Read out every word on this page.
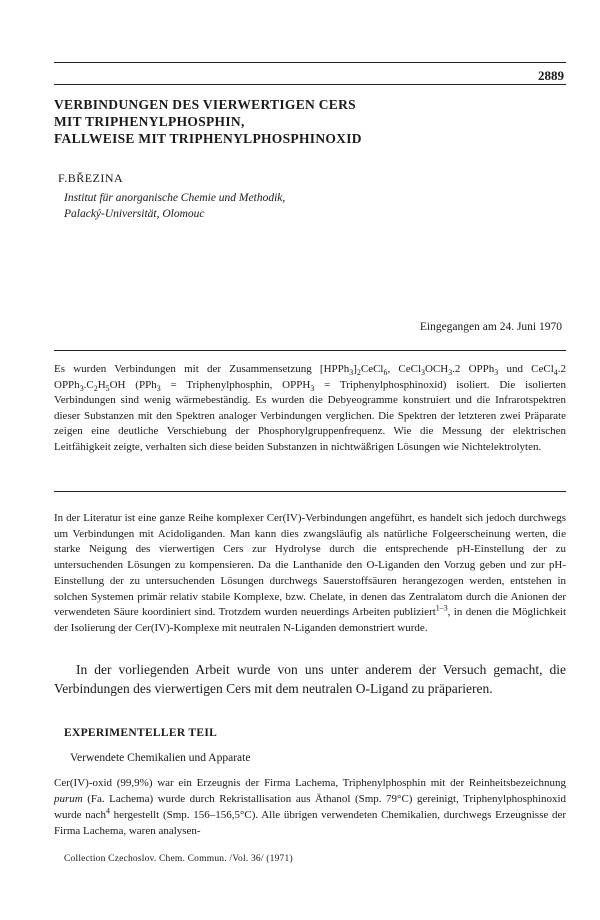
2889
VERBINDUNGEN DES VIERWERTIGEN CERS
MIT TRIPHENYLPHOSPHIN,
FALLWEISE MIT TRIPHENYLPHOSPHINOXID
F.BŘEZINA
Institut für anorganische Chemie und Methodik,
Palacký-Universität, Olomouc
Eingegangen am 24. Juni 1970

Es wurden Verbindungen mit der Zusammensetzung $[HPPh_3]_2CeCl_6$, $CeCl_3OCH_3.2$ OPPh$_3$ und CeCl$_4$.2 $OPPh_3.C_2H_5OH$ (PPh$_3$ = Triphenylphosphin, $OPPH_3$ = Triphenylphosphinoxid) isoliert. Die isolierten Verbindungen sind wenig wärmebeständig. Es wurden die Debyeogramme konstruiert und die Infrarotspektren dieser Substanzen mit den Spektren analoger Verbindungen verglichen. Die Spektren der letzteren zwei Präparate zeigen eine deutliche Verschiebung der Phosphorylgruppenfrequenz. Wie die Messung der elektrischen Leitfähigkeit zeigte, verhalten sich diese beiden Substanzen in nichtwäßrigen Lösungen wie Nichtelektrolyten.

In der Literatur ist eine ganze Reihe komplexer Cer(IV)-Verbindungen angeführt, es handelt sich jedoch durchwegs um Verbindungen mit Acidoliganden. Man kann dies zwangsläufig als natürliche Folgeerscheinung werten, die starke Neigung des vierwertigen Cers zur Hydrolyse durch die entsprechende pH-Einstellung der zu untersuchenden Lösungen zu kompensieren. Da die Lanthanide den O-Liganden den Vorzug geben und zur pH-Einstellung der zu untersuchenden Lösungen durchwegs Sauerstoffsäuren herangezogen werden, entstehen in solchen Systemen primär relativ stabile Komplexe, bzw. Chelate, in denen das Zentralatom durch die Anionen der verwendeten Säure koordiniert sind. Trotzdem wurden neuerdings Arbeiten publiziert$^{1-3}$, in denen die Möglichkeit der Isolierung der Cer(IV)-Komplexe mit neutralen N-Liganden demonstriert wurde.

In der vorliegenden Arbeit wurde von uns unter anderem der Versuch gemacht, die Verbindungen des vierwertigen Cers mit dem neutralen O-Ligand zu präparieren.

EXPERIMENTELLER TEIL
Verwendete Chemikalien und Apparate

Cer(IV)-oxid (99,9%) war ein Erzeugnis der Firma Lachema, Triphenylphosphin mit der Reinheitsbezeichnung purum (Fa. Lachema) wurde durch Rekristallisation aus Äthanol (Smp. 79°C) gereinigt, Triphenylphosphinoxid wurde nach$^4$ hergestellt (Smp. 156–156,5°C). Alle übrigen verwendeten Chemikalien, durchwegs Erzeugnisse der Firma Lachema, waren analysen-

Collection Czechoslov. Chem. Commun. /Vol. 36/ (1971)
